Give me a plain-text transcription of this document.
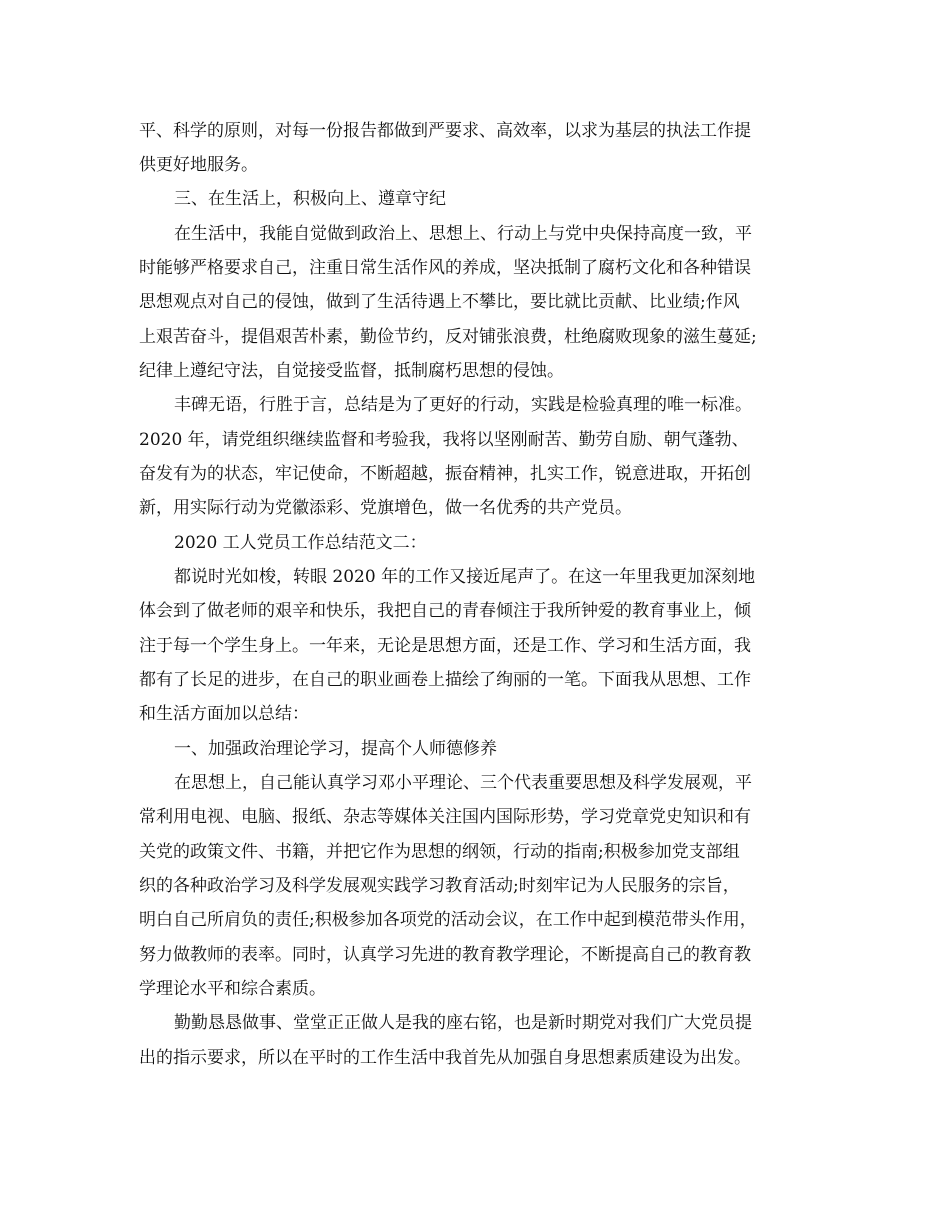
平、科学的原则，对每一份报告都做到严要求、高效率，以求为基层的执法工作提
供更好地服务。
三、在生活上，积极向上、遵章守纪
在生活中，我能自觉做到政治上、思想上、行动上与党中央保持高度一致，平
时能够严格要求自己，注重日常生活作风的养成，坚决抵制了腐朽文化和各种错误
思想观点对自己的侵蚀，做到了生活待遇上不攀比，要比就比贡献、比业绩;作风
上艰苦奋斗，提倡艰苦朴素，勤俭节约，反对铺张浪费，杜绝腐败现象的滋生蔓延;
纪律上遵纪守法，自觉接受监督，抵制腐朽思想的侵蚀。
丰碑无语，行胜于言，总结是为了更好的行动，实践是检验真理的唯一标准。
2020 年，请党组织继续监督和考验我，我将以坚刚耐苦、勤劳自励、朝气蓬勃、
奋发有为的状态，牢记使命，不断超越，振奋精神，扎实工作，锐意进取，开拓创
新，用实际行动为党徽添彩、党旗增色，做一名优秀的共产党员。
2020 工人党员工作总结范文二：
都说时光如梭，转眼 2020 年的工作又接近尾声了。在这一年里我更加深刻地
体会到了做老师的艰辛和快乐，我把自己的青春倾注于我所钟爱的教育事业上，倾
注于每一个学生身上。一年来，无论是思想方面，还是工作、学习和生活方面，我
都有了长足的进步，在自己的职业画卷上描绘了绚丽的一笔。下面我从思想、工作
和生活方面加以总结：
一、加强政治理论学习，提高个人师德修养
在思想上，自己能认真学习邓小平理论、三个代表重要思想及科学发展观，平
常利用电视、电脑、报纸、杂志等媒体关注国内国际形势，学习党章党史知识和有
关党的政策文件、书籍，并把它作为思想的纲领，行动的指南;积极参加党支部组
织的各种政治学习及科学发展观实践学习教育活动;时刻牢记为人民服务的宗旨，
明白自己所肩负的责任;积极参加各项党的活动会议，在工作中起到模范带头作用，
努力做教师的表率。同时，认真学习先进的教育教学理论，不断提高自己的教育教
学理论水平和综合素质。
勤勤恳恳做事、堂堂正正做人是我的座右铭，也是新时期党对我们广大党员提
出的指示要求，所以在平时的工作生活中我首先从加强自身思想素质建设为出发。
